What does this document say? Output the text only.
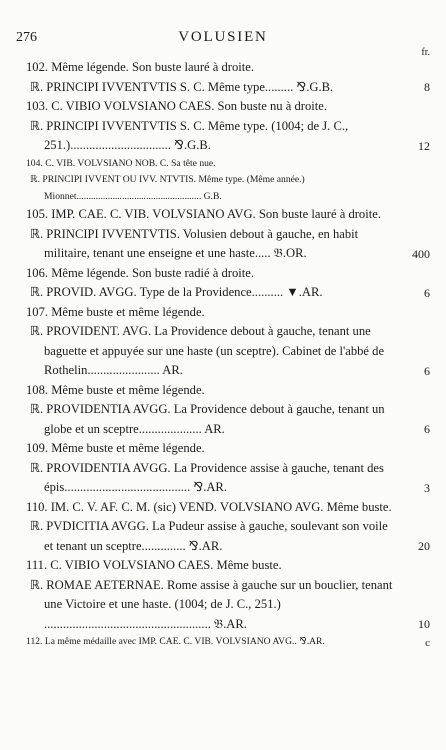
276	VOLUSIEN
fr.
102. Même légende. Son buste lauré à droite.
ℝ. PRINCIPI IVVENTVTIS S. C. Même type......... ⅋.G.B.	8
103. C. VIBIO VOLVSIANO CAES. Son buste nu à droite.
ℝ. PRINCIPI IVVENTVTIS S. C. Même type. (1004; de J. C., 251.)................................ ⅋.G.B.	12
104. C. VIB. VOLVSIANO NOB. C. Sa tête nue.
ℝ. PRINCIPI IVVENT OU IVV. NTVTIS. Même type. (Même année.) Mionnet.................................................... G.B.
105. IMP. CAE. C. VIB. VOLVSIANO AVG. Son buste lauré à droite.
ℝ. PRINCIPI IVVENTVTIS. Volusien debout à gauche, en habit militaire, tenant une enseigne et une haste..... 𝔅.OR.	400
106. Même légende. Son buste radié à droite.
ℝ. PROVID. AVGG. Type de la Providence.......... ▼.AR.	6
107. Même buste et même légende.
ℝ. PROVIDENT. AVG. La Providence debout à gauche, tenant une baguette et appuyée sur une haste (un sceptre). Cabinet de l'abbé de Rothelin....................... AR.	6
108. Même buste et même légende.
ℝ. PROVIDENTIA AVGG. La Providence debout à gauche, tenant un globe et un sceptre.................... AR.	6
109. Même buste et même légende.
ℝ. PROVIDENTIA AVGG. La Providence assise à gauche, tenant des épis........................................ ⅋.AR.	3
110. IM. C. V. AF. C. M. (sic) VEND. VOLVSIANO AVG. Même buste.
ℝ. PVDICITIA AVGG. La Pudeur assise à gauche, soulevant son voile et tenant un sceptre.............. ⅋.AR.	20
111. C. VIBIO VOLVSIANO CAES. Même buste.
ℝ. ROMAE AETERNAE. Rome assise à gauche sur un bouclier, tenant une Victoire et une haste. (1004; de J. C., 251.) ..................................................... 𝔅.AR.	10
112. La même médaille avec IMP. CAE. C. VIB. VOLVSIANO AVG.. ⅋.AR.	c
